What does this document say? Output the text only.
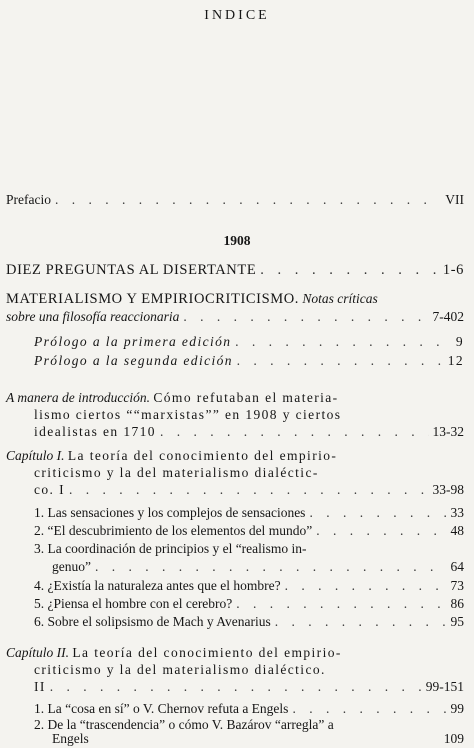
INDICE
Prefacio . . .	VII
1908
DIEZ PREGUNTAS AL DISERTANTE . . .	1-6
MATERIALISMO Y EMPIRIOCRITICISMO. Notas críticas
sobre una filosofía reaccionaria . . .	7-402
Prólogo a la primera edición . . .	9
Prólogo a la segunda edición . . .	12
A manera de introducción. Cómo refutaban el materia-
lismo ciertos ““marxistas”” en 1908 y ciertos
idealistas en 1710 . . .	13-32
Capítulo I. La teoría del conocimiento del empirio-
criticismo y la del materialismo dialéctic-
co. I . . .	33-98
1. Las sensaciones y los complejos de sensaciones . . .	33
2. “El descubrimiento de los elementos del mundo” . . .	48
3. La coordinación de principios y el “realismo in-
genuo” . . .	64
4. ¿Existía la naturaleza antes que el hombre? . . .	73
5. ¿Piensa el hombre con el cerebro? . . .	86
6. Sobre el solipsismo de Mach y Avenarius . . .	95
Capítulo II. La teoría del conocimiento del empirio-
criticismo y la del materialismo dialéctico.
II . . .	99-151
1. La “cosa en sí” o V. Chernov refuta a Engels . . .	99
2. De la “trascendencia” o cómo V. Bazárov “arregla” a
Engels	109
